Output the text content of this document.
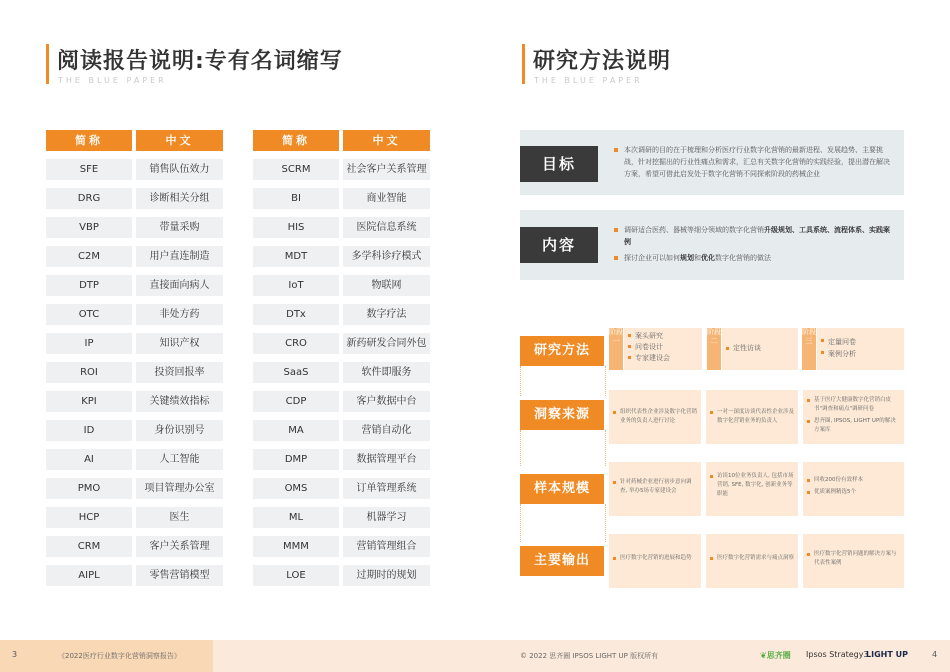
阅读报告说明:专有名词缩写
THE BLUE PAPER
简称	中文
SFE	销售队伍效力
DRG	诊断相关分组
VBP	带量采购
C2M	用户直连制造
DTP	直接面向病人
OTC	非处方药
IP	知识产权
ROI	投资回报率
KPI	关键绩效指标
ID	身份识别号
AI	人工智能
PMO	项目管理办公室
HCP	医生
CRM	客户关系管理
AIPL	零售营销模型
简称	中文
SCRM	社会客户关系管理
BI	商业智能
HIS	医院信息系统
MDT	多学科诊疗模式
IoT	物联网
DTx	数字疗法
CRO	新药研发合同外包
SaaS	软件即服务
CDP	客户数据中台
MA	营销自动化
DMP	数据管理平台
OMS	订单管理系统
ML	机器学习
MMM	营销管理组合
LOE	过期时的规划
研究方法说明
THE BLUE PAPER
目标
本次调研的目的在于梳理和分析医疗行业数字化营销的最新进程、发展趋势、主要挑战，针对挖掘出的行业性痛点和需求，汇总有关数字化营销的实践经验，提出潜在解决方案，希望可借此启发处于数字化营销不同探索阶段的药械企业
内容
调研适合医药、器械等细分领域的数字化营销升级规划、工具系统、流程体系、实践案例
探讨企业可以如何规划和优化数字化营销的做法
研究方法
阶段一
案头研究
问卷设计
专家建设会
阶段二
定性访谈
阶段三	定量问卷
案例分析
洞察来源	组织代表性企业涉及数字化营销业务的负责人进行讨论
一对一深度访谈代表性企业涉及数字化营销业务的负责人
基于医疗大健康数字化营销白皮书"调查和痛点"调研问卷
思齐圈, IPSOS, LIGHT UP的解决方案库
样本规模	针对药械企业进行初步意向调查, 举办5场专家建设会
访谈10位业务负责人, 包括市场营销, SFE, 数字化, 创新业务等职能
回收200份有效样本
优质案例精选5个
主要输出	医疗数字化营销的进展和趋势	医疗数字化营销需求与痛点洞察
医疗数字化营销问题的解决方案与代表性案例
3	《2022医疗行业数字化营销洞察报告》	© 2022 思齐圈 IPSOS LIGHT UP 版权所有	❦思齐圈 Ipsos Strategy3
LIGHT UP	4
